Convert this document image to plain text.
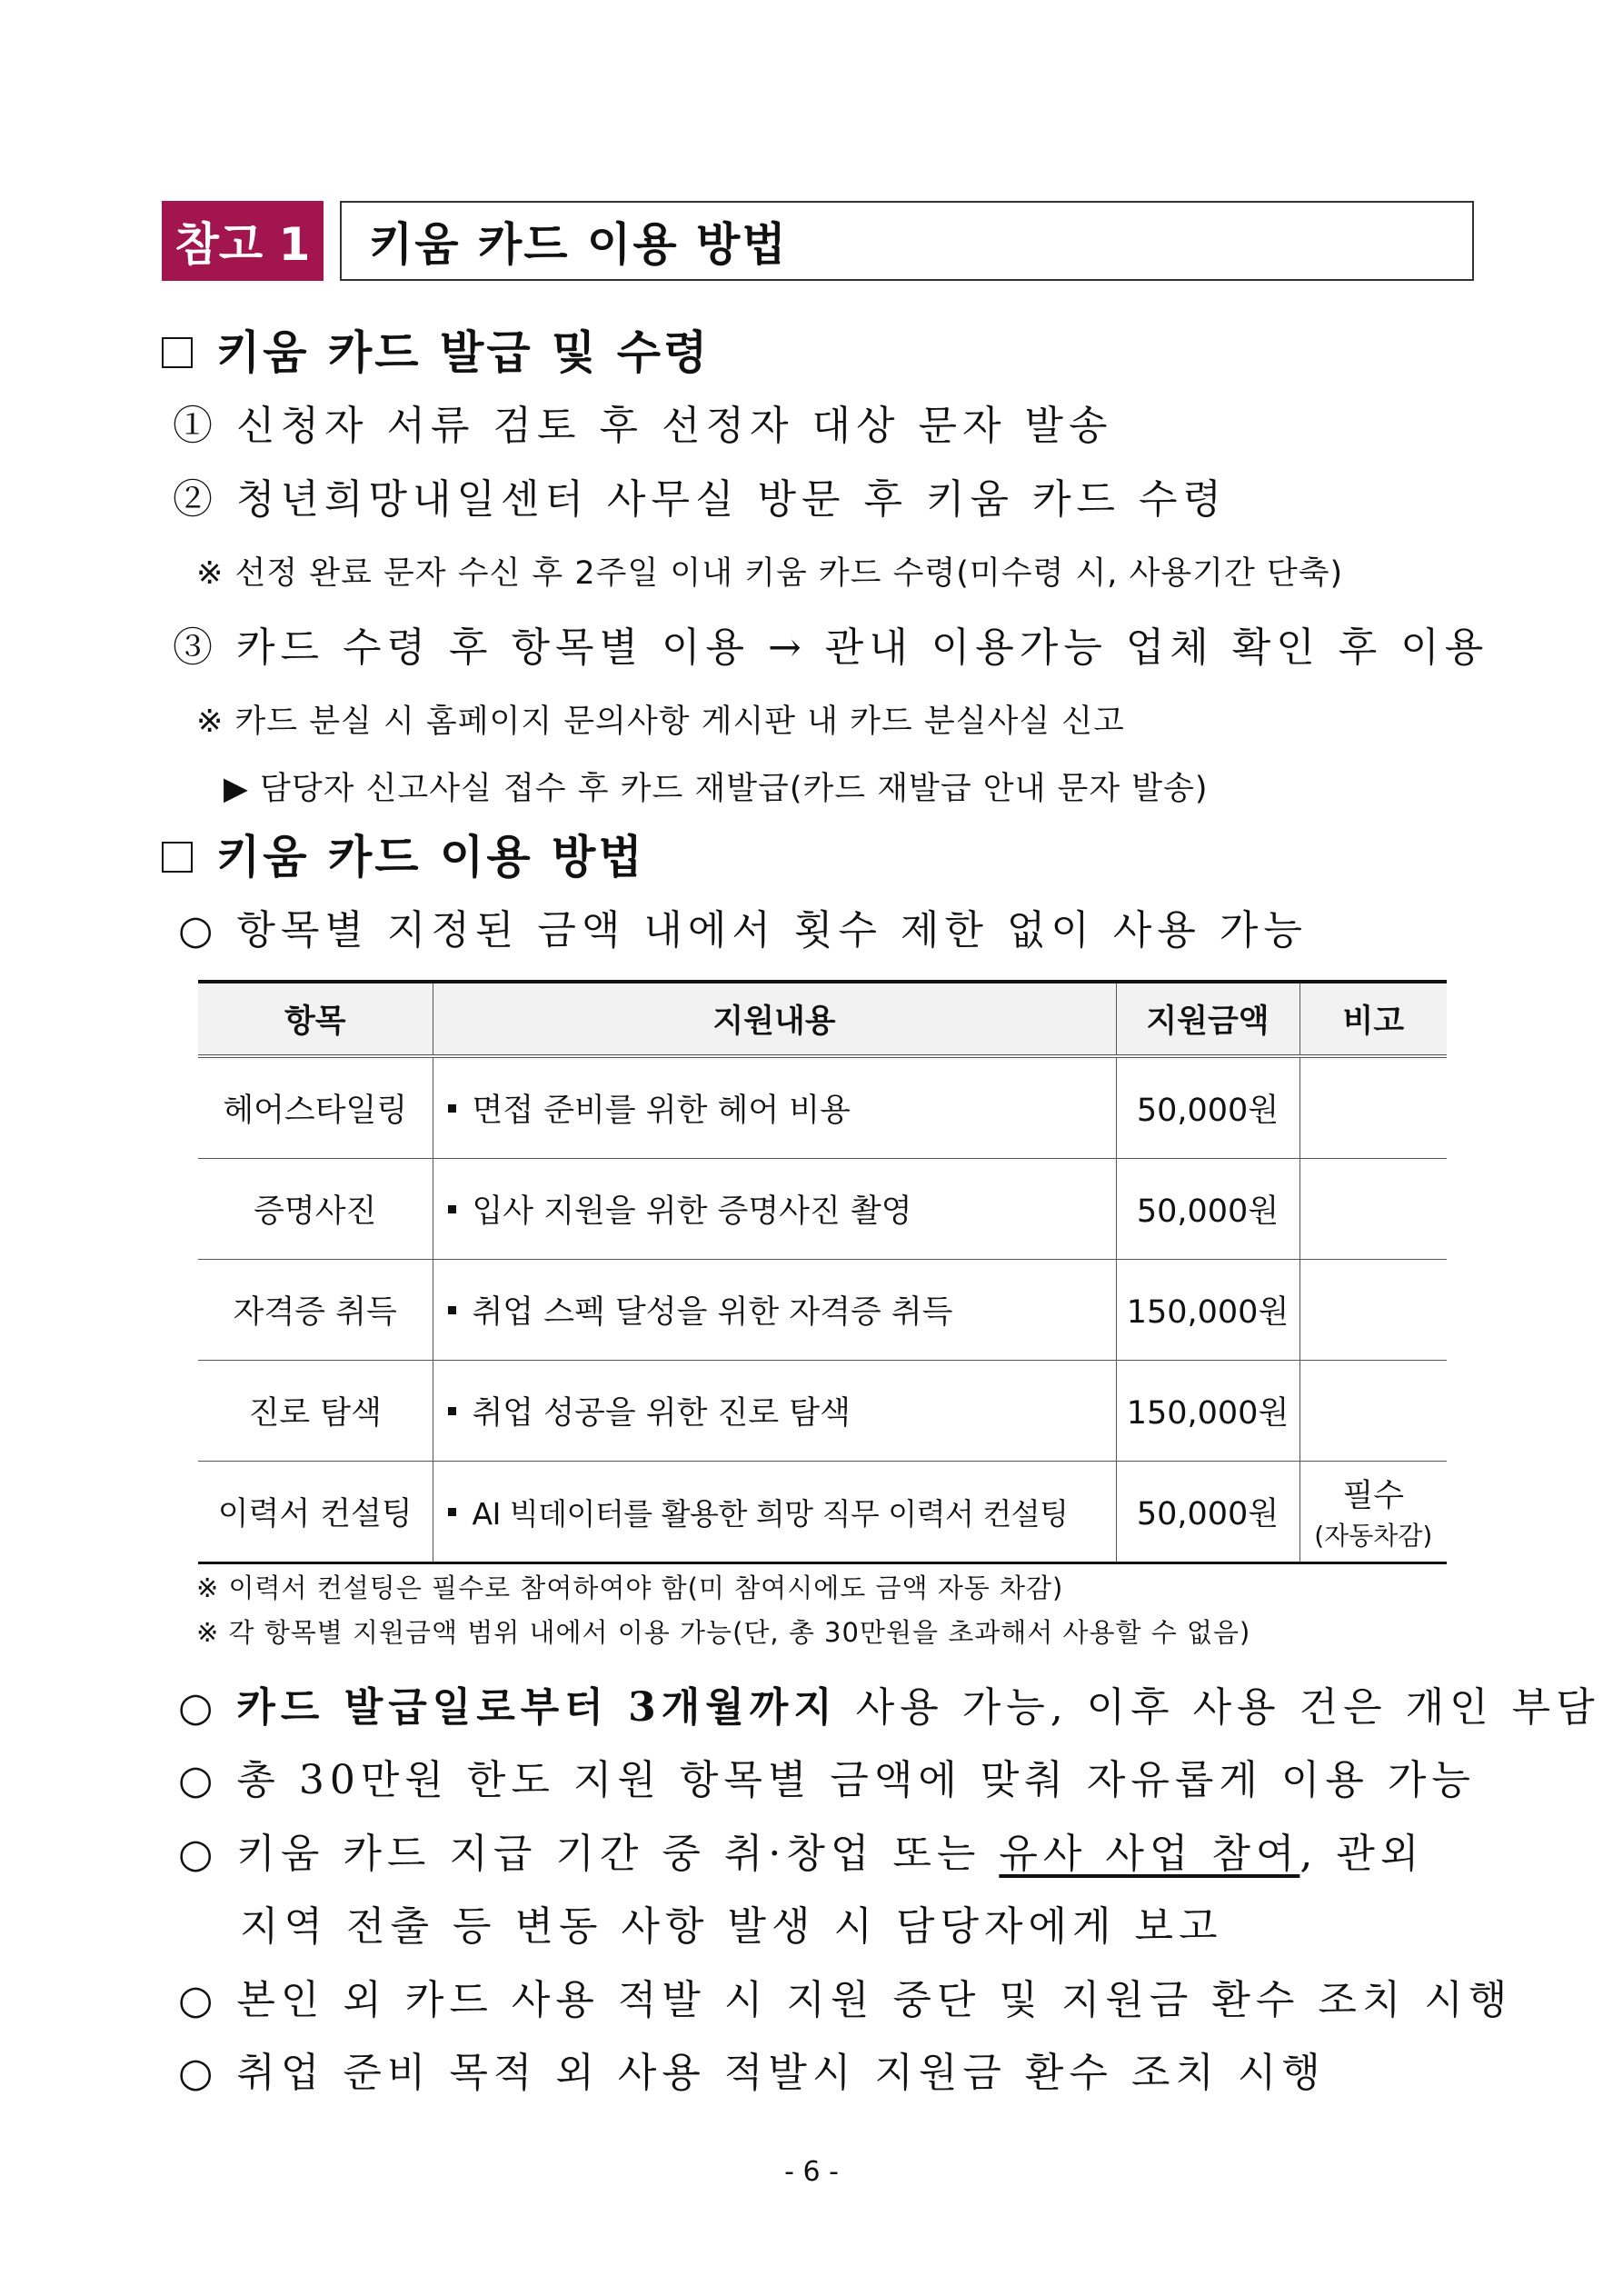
참고 1	키움 카드 이용 방법
키움 카드 발급 및 수령
① 신청자 서류 검토 후 선정자 대상 문자 발송
② 청년희망내일센터 사무실 방문 후 키움 카드 수령
※ 선정 완료 문자 수신 후 2주일 이내 키움 카드 수령(미수령 시, 사용기간 단축)
③ 카드 수령 후 항목별 이용 → 관내 이용가능 업체 확인 후 이용
※ 카드 분실 시 홈페이지 문의사항 게시판 내 카드 분실사실 신고
▶ 담당자 신고사실 접수 후 카드 재발급(카드 재발급 안내 문자 발송)
키움 카드 이용 방법
○ 항목별 지정된 금액 내에서 횟수 제한 없이 사용 가능
항목	지원내용	지원금액	비고
헤어스타일링	면접 준비를 위한 헤어 비용	50,000원	
증명사진	입사 지원을 위한 증명사진 촬영	50,000원	
자격증 취득	취업 스펙 달성을 위한 자격증 취득	150,000원	
진로 탐색	취업 성공을 위한 진로 탐색	150,000원	
이력서 컨설팅	AI 빅데이터를 활용한 희망 직무 이력서 컨설팅	50,000원	필수
(자동차감)
※ 이력서 컨설팅은 필수로 참여하여야 함(미 참여시에도 금액 자동 차감)
※ 각 항목별 지원금액 범위 내에서 이용 가능(단, 총 30만원을 초과해서 사용할 수 없음)
○ 카드 발급일로부터 3개월까지 사용 가능, 이후 사용 건은 개인 부담
○ 총 30만원 한도 지원 항목별 금액에 맞춰 자유롭게 이용 가능
○ 키움 카드 지급 기간 중 취·창업 또는 유사 사업 참여, 관외
지역 전출 등 변동 사항 발생 시 담당자에게 보고
○ 본인 외 카드 사용 적발 시 지원 중단 및 지원금 환수 조치 시행
○ 취업 준비 목적 외 사용 적발시 지원금 환수 조치 시행
- 6 -
